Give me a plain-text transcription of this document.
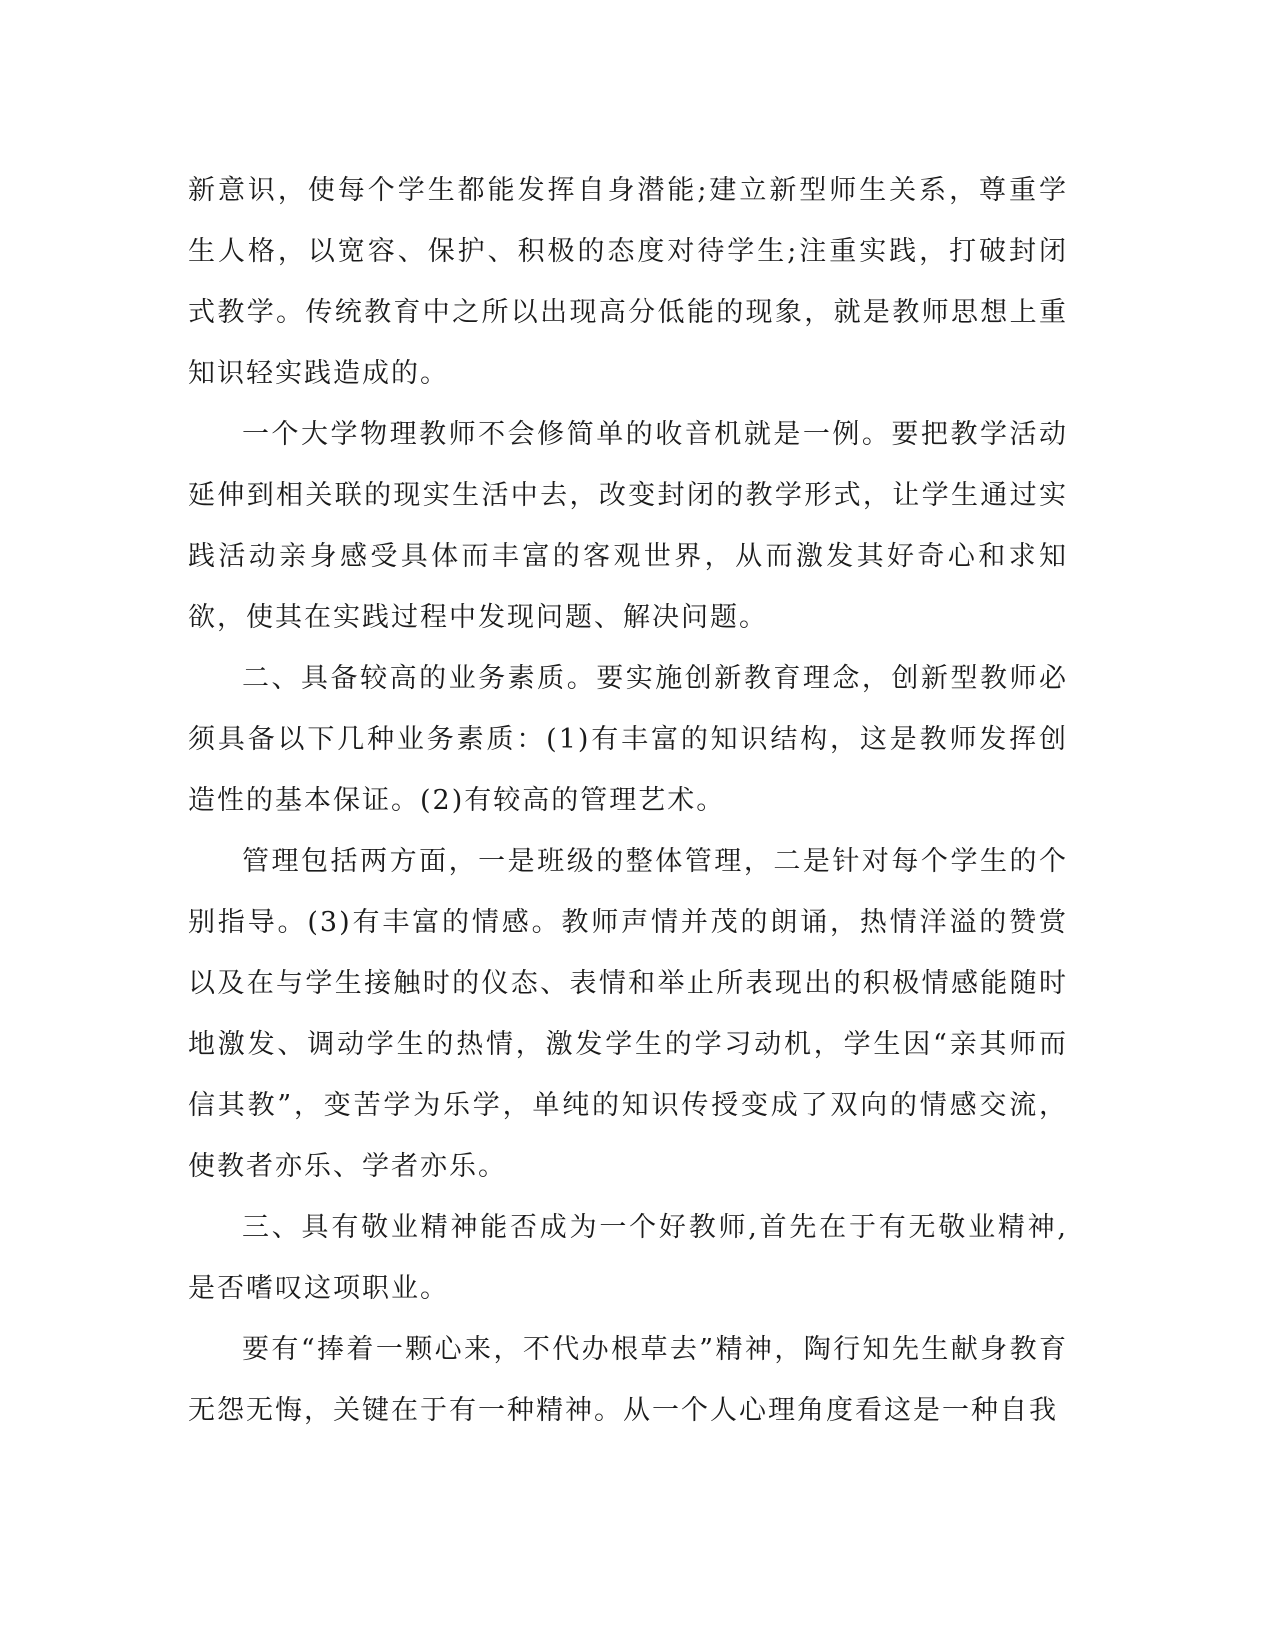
新意识，使每个学生都能发挥自身潜能;建立新型师生关系，尊重学生人格，以宽容、保护、积极的态度对待学生;注重实践，打破封闭式教学。传统教育中之所以出现高分低能的现象，就是教师思想上重知识轻实践造成的。

一个大学物理教师不会修简单的收音机就是一例。要把教学活动延伸到相关联的现实生活中去，改变封闭的教学形式，让学生通过实践活动亲身感受具体而丰富的客观世界，从而激发其好奇心和求知欲，使其在实践过程中发现问题、解决问题。

二、具备较高的业务素质。要实施创新教育理念，创新型教师必须具备以下几种业务素质：(1)有丰富的知识结构，这是教师发挥创造性的基本保证。(2)有较高的管理艺术。

管理包括两方面，一是班级的整体管理，二是针对每个学生的个别指导。(3)有丰富的情感。教师声情并茂的朗诵，热情洋溢的赞赏以及在与学生接触时的仪态、表情和举止所表现出的积极情感能随时地激发、调动学生的热情，激发学生的学习动机，学生因“亲其师而信其教”，变苦学为乐学，单纯的知识传授变成了双向的情感交流，使教者亦乐、学者亦乐。

三、具有敬业精神能否成为一个好教师,首先在于有无敬业精神,是否嗜叹这项职业。

要有“捧着一颗心来，不代办根草去”精神，陶行知先生献身教育无怨无悔，关键在于有一种精神。从一个人心理角度看这是一种自我
